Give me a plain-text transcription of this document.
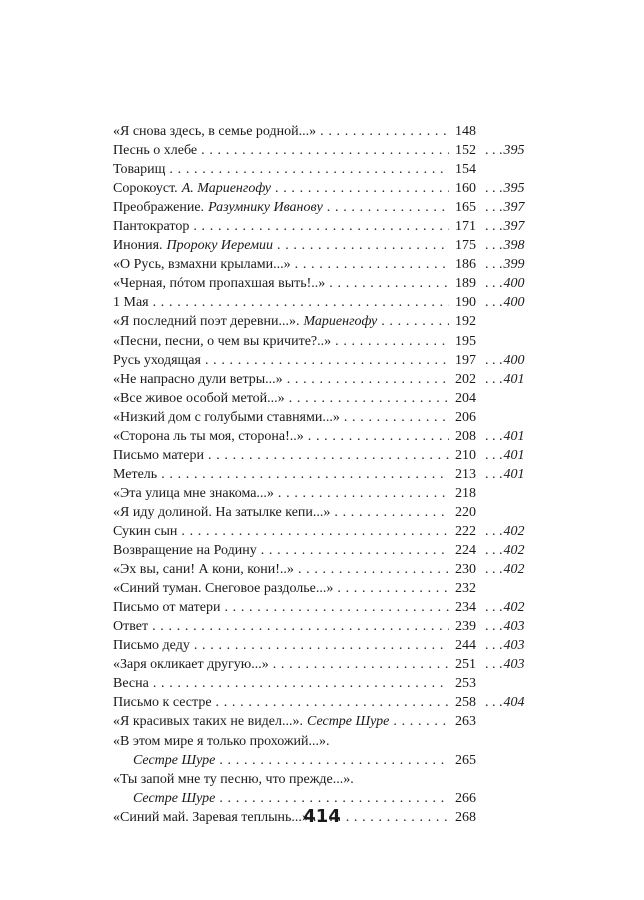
«Я снова здесь, в семье родной...» . . .	148
Песнь о хлебе . . .	152	. . . 395
Товарищ . . .	154
Сорокоуст. А. Мариенгофу . . .	160	. . . 395
Преображение. Разумнику Иванову . . .	165	. . . 397
Пантократор . . .	171	. . . 397
Инония. Пророку Иеремии . . .	175	. . . 398
«О Русь, взмахни крылами...» . . .	186	. . . 399
«Черная, пóтом пропахшая выть!..» . . .	189	. . . 400
1 Мая . . .	190	. . . 400
«Я последний поэт деревни...». Мариенгофу . . .	192
«Песни, песни, о чем вы кричите?..» . . .	195
Русь уходящая . . .	197	. . . 400
«Не напрасно дули ветры...» . . .	202	. . . 401
«Все живое особой метой...» . . .	204
«Низкий дом с голубыми ставнями...» . . .	206
«Сторона ль ты моя, сторона!..» . . .	208	. . . 401
Письмо матери . . .	210	. . . 401
Метель . . .	213	. . . 401
«Эта улица мне знакома...» . . .	218
«Я иду долиной. На затылке кепи...» . . .	220
Сукин сын . . .	222	. . . 402
Возвращение на Родину . . .	224	. . . 402
«Эх вы, сани! А кони, кони!..» . . .	230	. . . 402
«Синий туман. Снеговое раздолье...» . . .	232
Письмо от матери . . .	234	. . . 402
Ответ . . .	239	. . . 403
Письмо деду . . .	244	. . . 403
«Заря окликает другую...» . . .	251	. . . 403
Весна . . .	253
Письмо к сестре . . .	258	. . . 404
«Я красивых таких не видел...». Сестре Шуре . . .	263
«В этом мире я только прохожий...».
Сестре Шуре . . .	265
«Ты запой мне ту песню, что прежде...».
Сестре Шуре . . .	266
«Синий май. Заревая теплынь...» . . .	268
414
